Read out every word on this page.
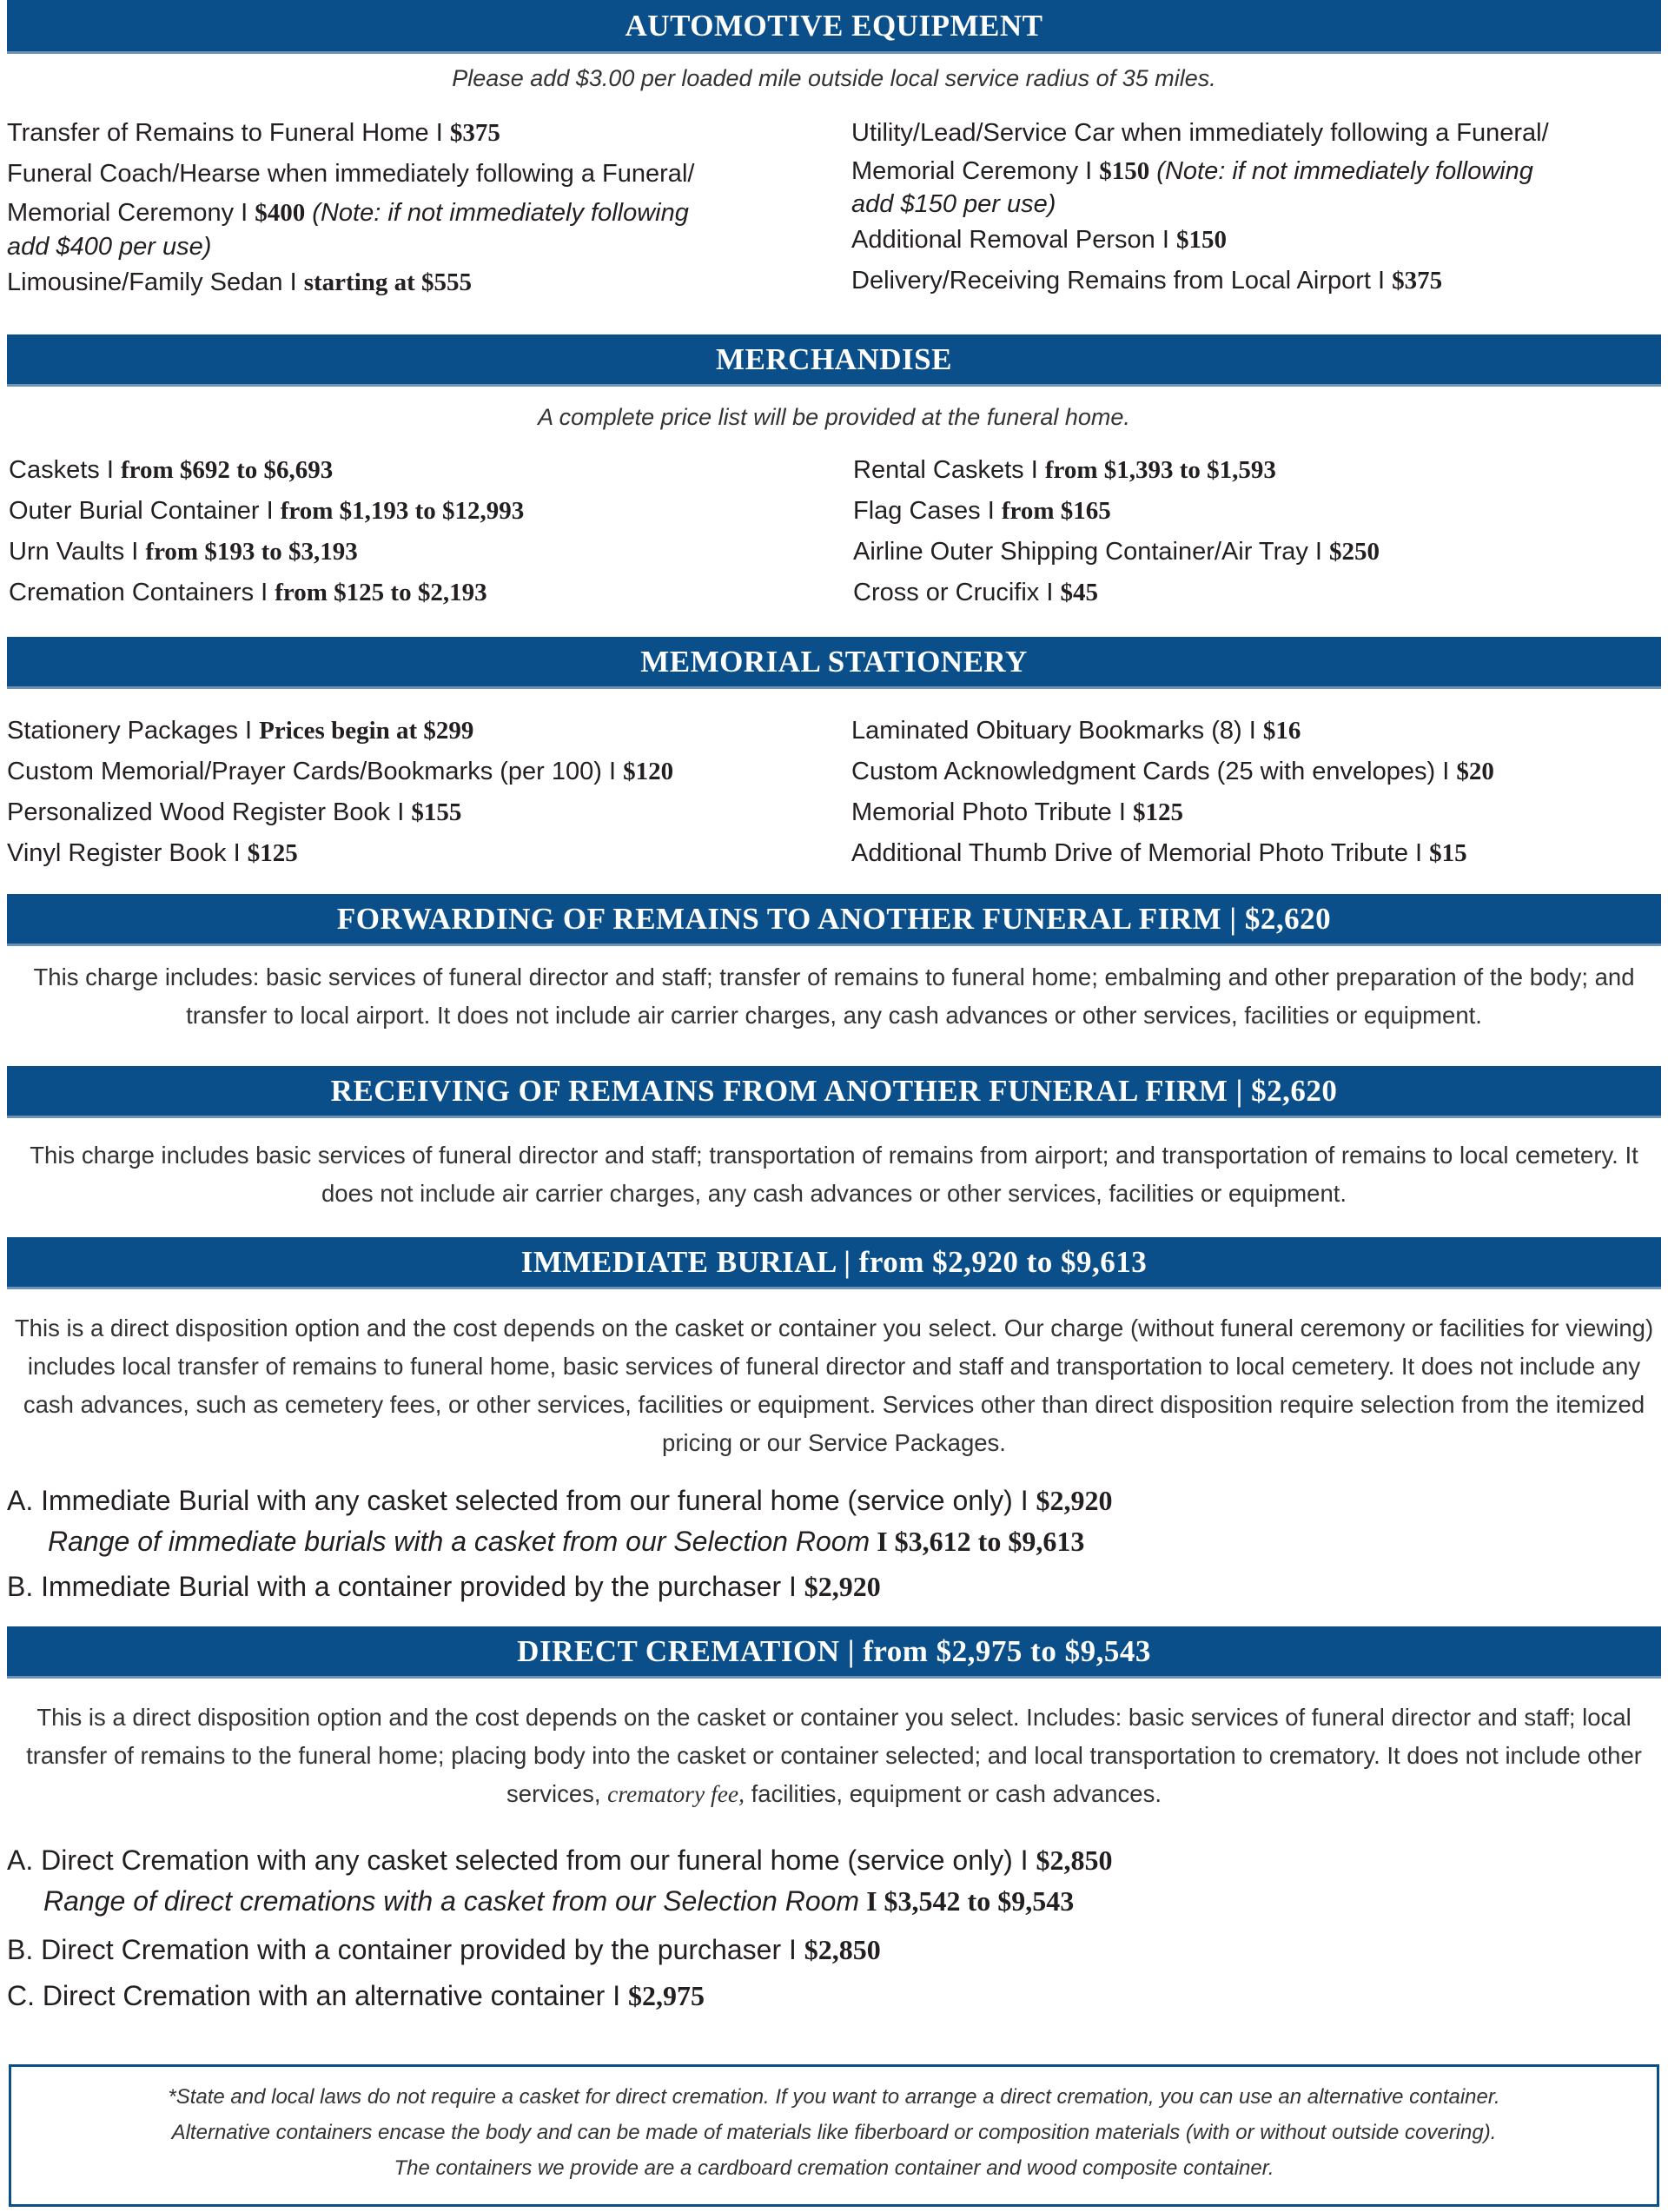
AUTOMOTIVE EQUIPMENT
Please add $3.00 per loaded mile outside local service radius of 35 miles.
Transfer of Remains to Funeral Home I $375
Funeral Coach/Hearse when immediately following a Funeral/
Memorial Ceremony I $400 (Note: if not immediately following
add $400 per use)
Limousine/Family Sedan I starting at $555
Utility/Lead/Service Car when immediately following a Funeral/
Memorial Ceremony I $150 (Note: if not immediately following
add $150 per use)
Additional Removal Person I $150
Delivery/Receiving Remains from Local Airport I $375
MERCHANDISE
A complete price list will be provided at the funeral home.
Caskets I from $692 to $6,693
Outer Burial Container I from $1,193 to $12,993
Urn Vaults I from $193 to $3,193
Cremation Containers I from $125 to $2,193
Rental Caskets I from $1,393 to $1,593
Flag Cases I from $165
Airline Outer Shipping Container/Air Tray I $250
Cross or Crucifix I $45
MEMORIAL STATIONERY
Stationery Packages I Prices begin at $299
Custom Memorial/Prayer Cards/Bookmarks (per 100) I $120
Personalized Wood Register Book I $155
Vinyl Register Book I $125
Laminated Obituary Bookmarks (8) I $16
Custom Acknowledgment Cards (25 with envelopes) I $20
Memorial Photo Tribute I $125
Additional Thumb Drive of Memorial Photo Tribute I $15
FORWARDING OF REMAINS TO ANOTHER FUNERAL FIRM | $2,620
This charge includes: basic services of funeral director and staff; transfer of remains to funeral home; embalming and other preparation of the body; and transfer to local airport. It does not include air carrier charges, any cash advances or other services, facilities or equipment.
RECEIVING OF REMAINS FROM ANOTHER FUNERAL FIRM | $2,620
This charge includes basic services of funeral director and staff; transportation of remains from airport; and transportation of remains to local cemetery. It does not include air carrier charges, any cash advances or other services, facilities or equipment.
IMMEDIATE BURIAL | from $2,920 to $9,613
This is a direct disposition option and the cost depends on the casket or container you select. Our charge (without funeral ceremony or facilities for viewing) includes local transfer of remains to funeral home, basic services of funeral director and staff and transportation to local cemetery. It does not include any cash advances, such as cemetery fees, or other services, facilities or equipment. Services other than direct disposition require selection from the itemized pricing or our Service Packages.
A. Immediate Burial with any casket selected from our funeral home (service only) I $2,920
Range of immediate burials with a casket from our Selection Room I $3,612 to $9,613
B. Immediate Burial with a container provided by the purchaser I $2,920
DIRECT CREMATION | from $2,975 to $9,543
This is a direct disposition option and the cost depends on the casket or container you select. Includes: basic services of funeral director and staff; local transfer of remains to the funeral home; placing body into the casket or container selected; and local transportation to crematory. It does not include other services, crematory fee, facilities, equipment or cash advances.
A. Direct Cremation with any casket selected from our funeral home (service only) I $2,850
Range of direct cremations with a casket from our Selection Room I $3,542 to $9,543
B. Direct Cremation with a container provided by the purchaser I $2,850
C. Direct Cremation with an alternative container I $2,975
*State and local laws do not require a casket for direct cremation. If you want to arrange a direct cremation, you can use an alternative container.
Alternative containers encase the body and can be made of materials like fiberboard or composition materials (with or without outside covering).
The containers we provide are a cardboard cremation container and wood composite container.
